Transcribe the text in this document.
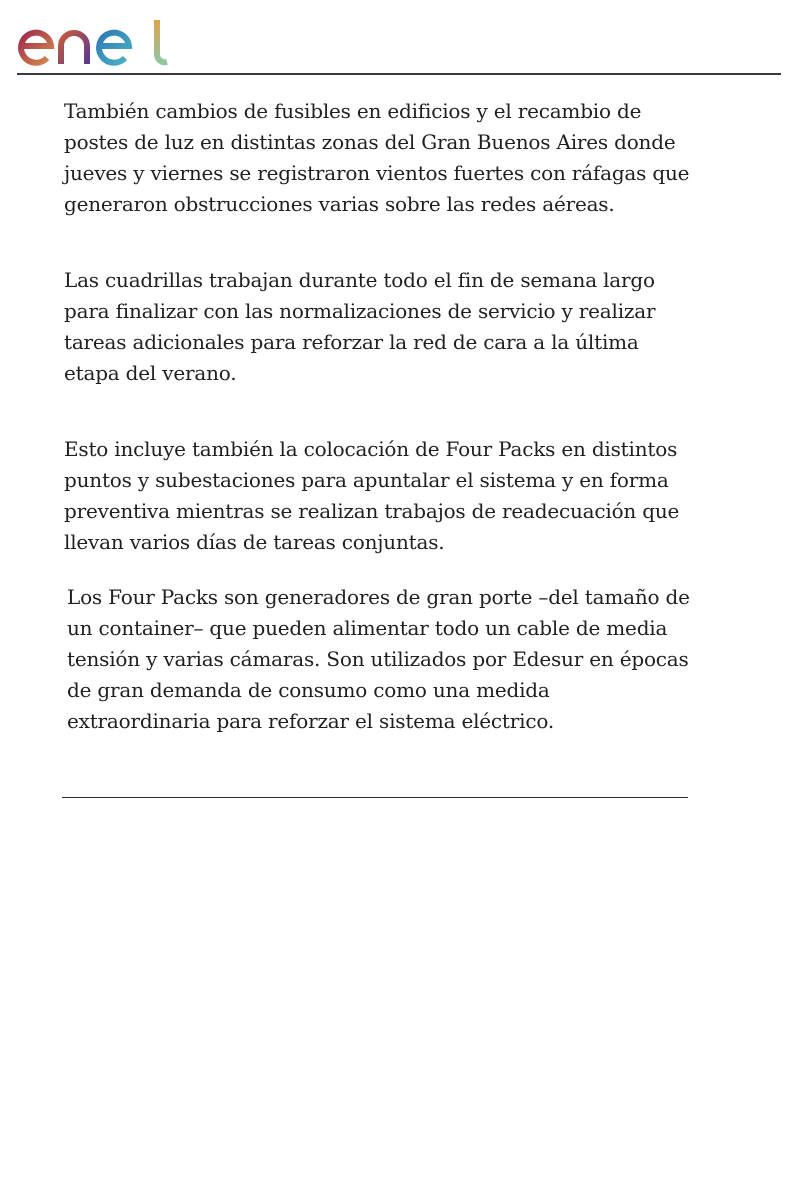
También cambios de fusibles en edificios y el recambio de postes de luz en distintas zonas del Gran Buenos Aires donde jueves y viernes se registraron vientos fuertes con ráfagas que generaron obstrucciones varias sobre las redes aéreas.

Las cuadrillas trabajan durante todo el fin de semana largo para finalizar con las normalizaciones de servicio y realizar tareas adicionales para reforzar la red de cara a la última etapa del verano.

Esto incluye también la colocación de Four Packs en distintos puntos y subestaciones para apuntalar el sistema y en forma preventiva mientras se realizan trabajos de readecuación que llevan varios días de tareas conjuntas.

Los Four Packs son generadores de gran porte –del tamaño de un container– que pueden alimentar todo un cable de media tensión y varias cámaras. Son utilizados por Edesur en épocas de gran demanda de consumo como una medida extraordinaria para reforzar el sistema eléctrico.
